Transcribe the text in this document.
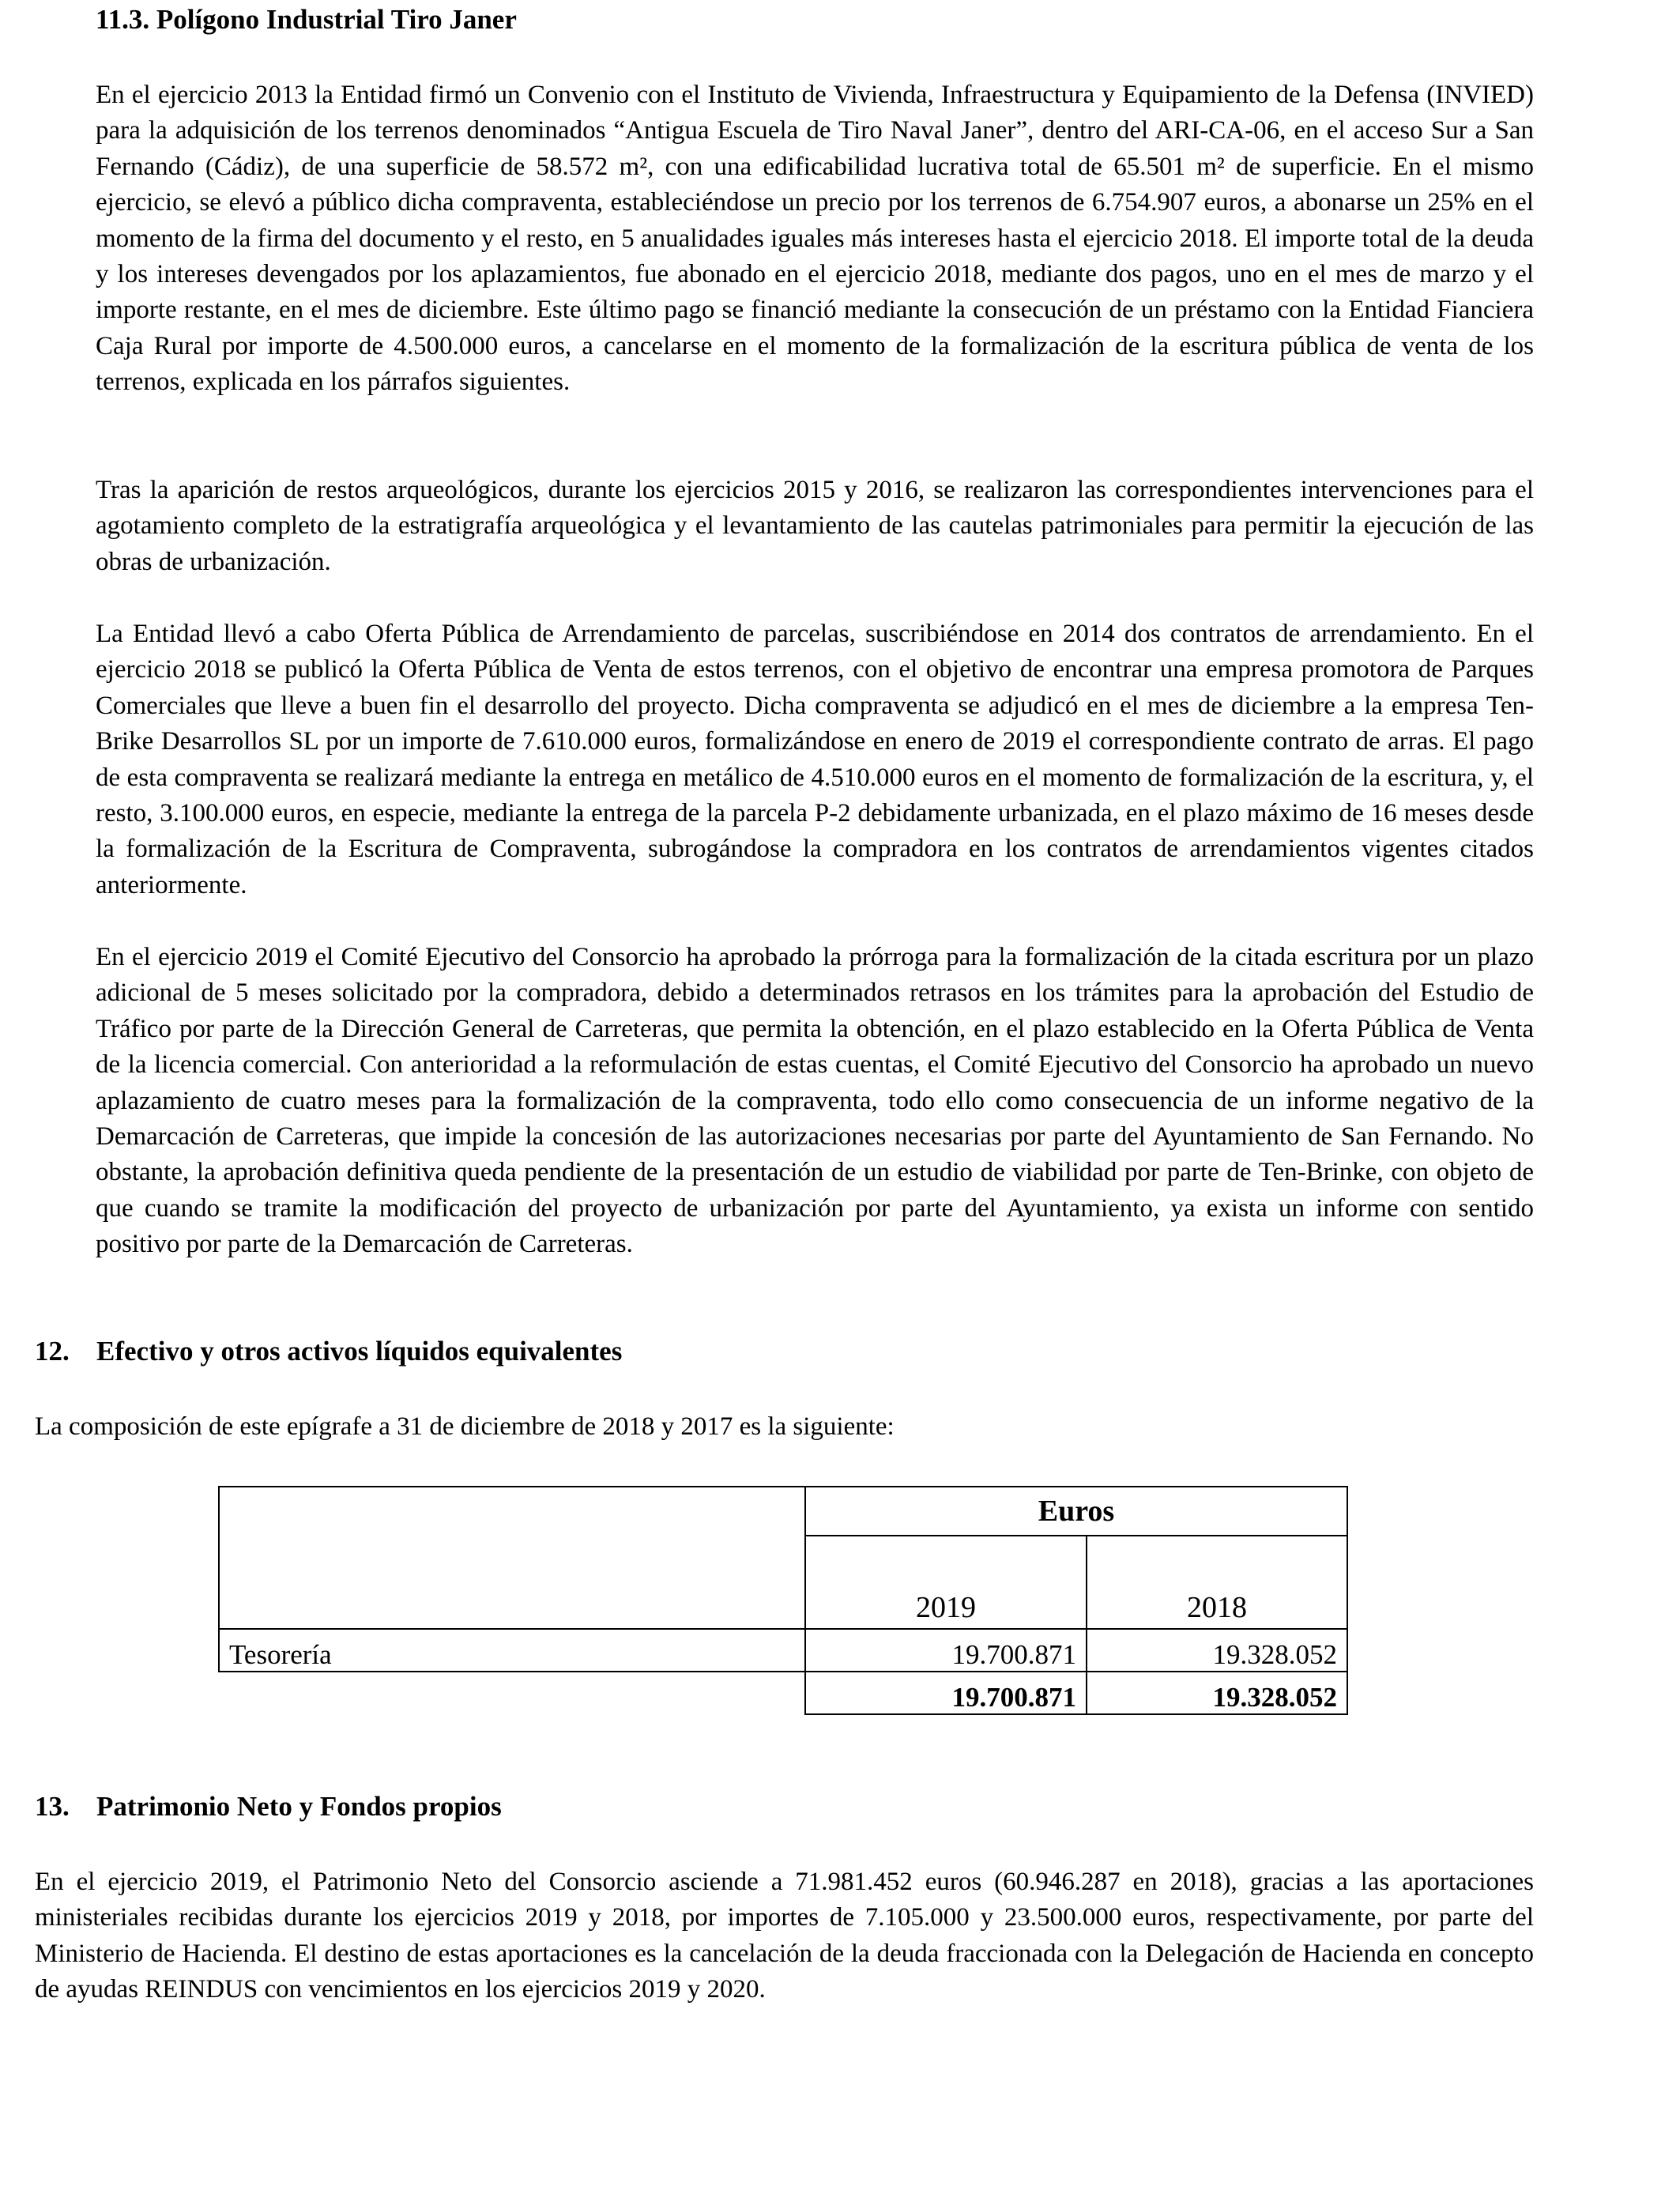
11.3. Polígono Industrial Tiro Janer

En el ejercicio 2013 la Entidad firmó un Convenio con el Instituto de Vivienda, Infraestructura y Equipamiento de la Defensa (INVIED) para la adquisición de los terrenos denominados “Antigua Escuela de Tiro Naval Janer”, dentro del ARI-CA-06, en el acceso Sur a San Fernando (Cádiz), de una superficie de 58.572 m², con una edificabilidad lucrativa total de 65.501 m² de superficie. En el mismo ejercicio, se elevó a público dicha compraventa, estableciéndose un precio por los terrenos de 6.754.907 euros, a abonarse un 25% en el momento de la firma del documento y el resto, en 5 anualidades iguales más intereses hasta el ejercicio 2018. El importe total de la deuda y los intereses devengados por los aplazamientos, fue abonado en el ejercicio 2018, mediante dos pagos, uno en el mes de marzo y el importe restante, en el mes de diciembre. Este último pago se financió mediante la consecución de un préstamo con la Entidad Fianciera Caja Rural por importe de 4.500.000 euros, a cancelarse en el momento de la formalización de la escritura pública de venta de los terrenos, explicada en los párrafos siguientes.

Tras la aparición de restos arqueológicos, durante los ejercicios 2015 y 2016, se realizaron las correspondientes intervenciones para el agotamiento completo de la estratigrafía arqueológica y el levantamiento de las cautelas patrimoniales para permitir la ejecución de las obras de urbanización.

La Entidad llevó a cabo Oferta Pública de Arrendamiento de parcelas, suscribiéndose en 2014 dos contratos de arrendamiento. En el ejercicio 2018 se publicó la Oferta Pública de Venta de estos terrenos, con el objetivo de encontrar una empresa promotora de Parques Comerciales que lleve a buen fin el desarrollo del proyecto. Dicha compraventa se adjudicó en el mes de diciembre a la empresa Ten-Brike Desarrollos SL por un importe de 7.610.000 euros, formalizándose en enero de 2019 el correspondiente contrato de arras. El pago de esta compraventa se realizará mediante la entrega en metálico de 4.510.000 euros en el momento de formalización de la escritura, y, el resto, 3.100.000 euros, en especie, mediante la entrega de la parcela P-2 debidamente urbanizada, en el plazo máximo de 16 meses desde la formalización de la Escritura de Compraventa, subrogándose la compradora en los contratos de arrendamientos vigentes citados anteriormente.

En el ejercicio 2019 el Comité Ejecutivo del Consorcio ha aprobado la prórroga para la formalización de la citada escritura por un plazo adicional de 5 meses solicitado por la compradora, debido a determinados retrasos en los trámites para la aprobación del Estudio de Tráfico por parte de la Dirección General de Carreteras, que permita la obtención, en el plazo establecido en la Oferta Pública de Venta de la licencia comercial. Con anterioridad a la reformulación de estas cuentas, el Comité Ejecutivo del Consorcio ha aprobado un nuevo aplazamiento de cuatro meses para la formalización de la compraventa, todo ello como consecuencia de un informe negativo de la Demarcación de Carreteras, que impide la concesión de las autorizaciones necesarias por parte del Ayuntamiento de San Fernando. No obstante, la aprobación definitiva queda pendiente de la presentación de un estudio de viabilidad por parte de Ten-Brinke, con objeto de que cuando se tramite la modificación del proyecto de urbanización por parte del Ayuntamiento, ya exista un informe con sentido positivo por parte de la Demarcación de Carreteras.

12. Efectivo y otros activos líquidos equivalentes

La composición de este epígrafe a 31 de diciembre de 2018 y 2017 es la siguiente:

	Euros	
	2019	2018
Tesorería	19.700.871	19.328.052
	19.700.871	19.328.052
13. Patrimonio Neto y Fondos propios

En el ejercicio 2019, el Patrimonio Neto del Consorcio asciende a 71.981.452 euros (60.946.287 en 2018), gracias a las aportaciones ministeriales recibidas durante los ejercicios 2019 y 2018, por importes de 7.105.000 y 23.500.000 euros, respectivamente, por parte del Ministerio de Hacienda. El destino de estas aportaciones es la cancelación de la deuda fraccionada con la Delegación de Hacienda en concepto de ayudas REINDUS con vencimientos en los ejercicios 2019 y 2020.
